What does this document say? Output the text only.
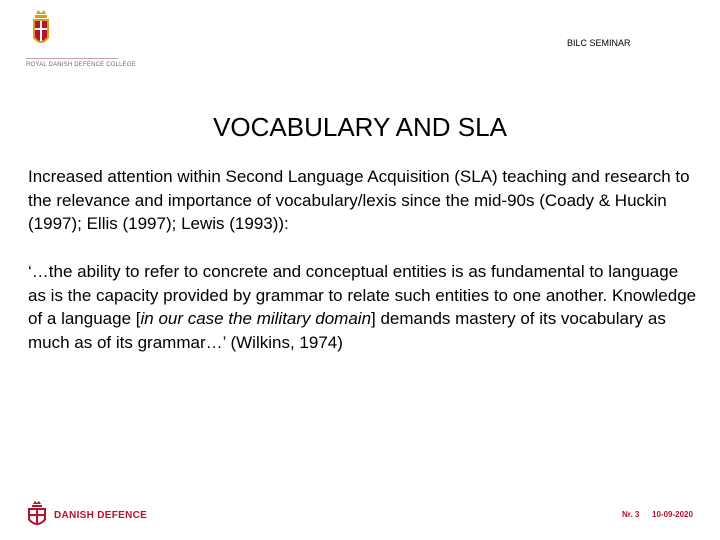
ROYAL DANISH DEFENCE COLLEGE
BILC SEMINAR
VOCABULARY AND SLA
Increased attention within Second Language Acquisition (SLA) teaching and research to the relevance and importance of vocabulary/lexis since the mid-90s (Coady & Huckin (1997); Ellis (1997); Lewis (1993)):
‘…the ability to refer to concrete and conceptual entities is as fundamental to language as is the capacity provided by grammar to relate such entities to one another. Knowledge of a language [in our case the military domain] demands mastery of its vocabulary as much as of its grammar…’ (Wilkins, 1974)
DANISH DEFENCE	Nr. 3 10-09-2020
